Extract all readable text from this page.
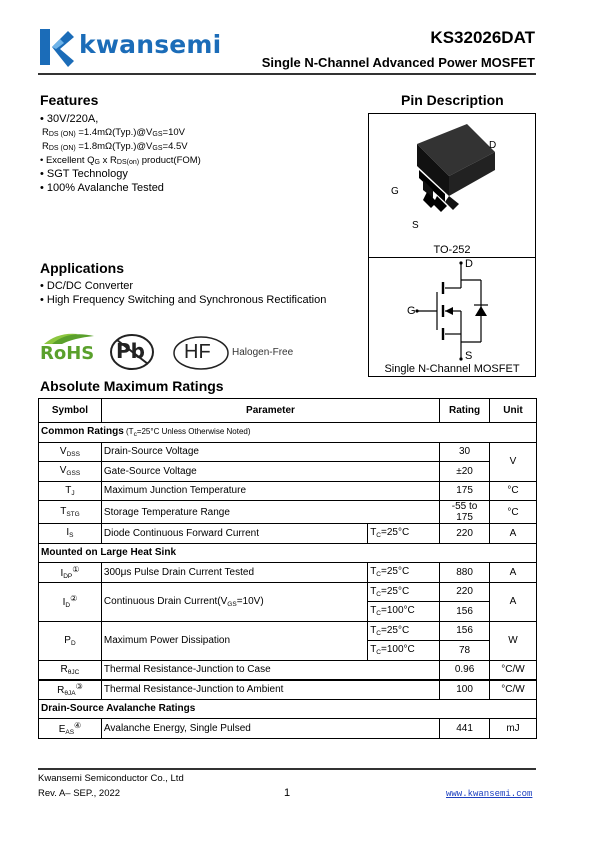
kwansemi	KS32026DAT
Single N-Channel Advanced Power MOSFET
Features
• 30V/220A,
RDS (ON) =1.4mΩ(Typ.)@VGS=10V
RDS (ON) =1.8mΩ(Typ.)@VGS=4.5V
• Excellent QG x RDS(on) product(FOM)
• SGT Technology
• 100% Avalanche Tested
Pin Description
D
G
S
TO-252
D
G
S
Single N-Channel MOSFET
Applications
• DC/DC Converter
• High Frequency Switching and Synchronous Rectification
RoHS Pb HF Halogen-Free
Absolute Maximum Ratings
Symbol	Parameter		Rating	Unit
Common Ratings ($T_c=25^\circ C$ Unless Otherwise Noted)				
$V_{DSS}$	Drain-Source Voltage		30	V
$V_{GSS}$	Gate-Source Voltage		±20	
$T_J$	Maximum Junction Temperature		175	°C
$T_{STG}$	Storage Temperature Range		-55 to 175	°C
$I_S$	Diode Continuous Forward Current	$T_C=25^\circ C$	220	A
Mounted on Large Heat Sink				
$I_{DP}^①$	300μs Pulse Drain Current Tested	$T_C=25^\circ C$	880	A
$I_D^②$	Continuous Drain $Current(V_{GS}=10V)$	$T_C=25^\circ C$	220	A
		$T_C=100^\circ C$	156	
$P_D$	Maximum Power Dissipation	$T_C=25^\circ C$	156	W
		$T_C=100^\circ C$	78	
$R_{\theta JC}$	Thermal Resistance-Junction to Case		0.96	°C/W
$R_{\theta JA}^③$	Thermal Resistance-Junction to Ambient		100	°C/W
Drain-Source Avalanche Ratings				
$E_{AS}^④$	Avalanche Energy, Single Pulsed		441	mJ
Kwansemi Semiconductor Co., Ltd
Rev. A– SEP., 2022	1	www.kwansemi.com
